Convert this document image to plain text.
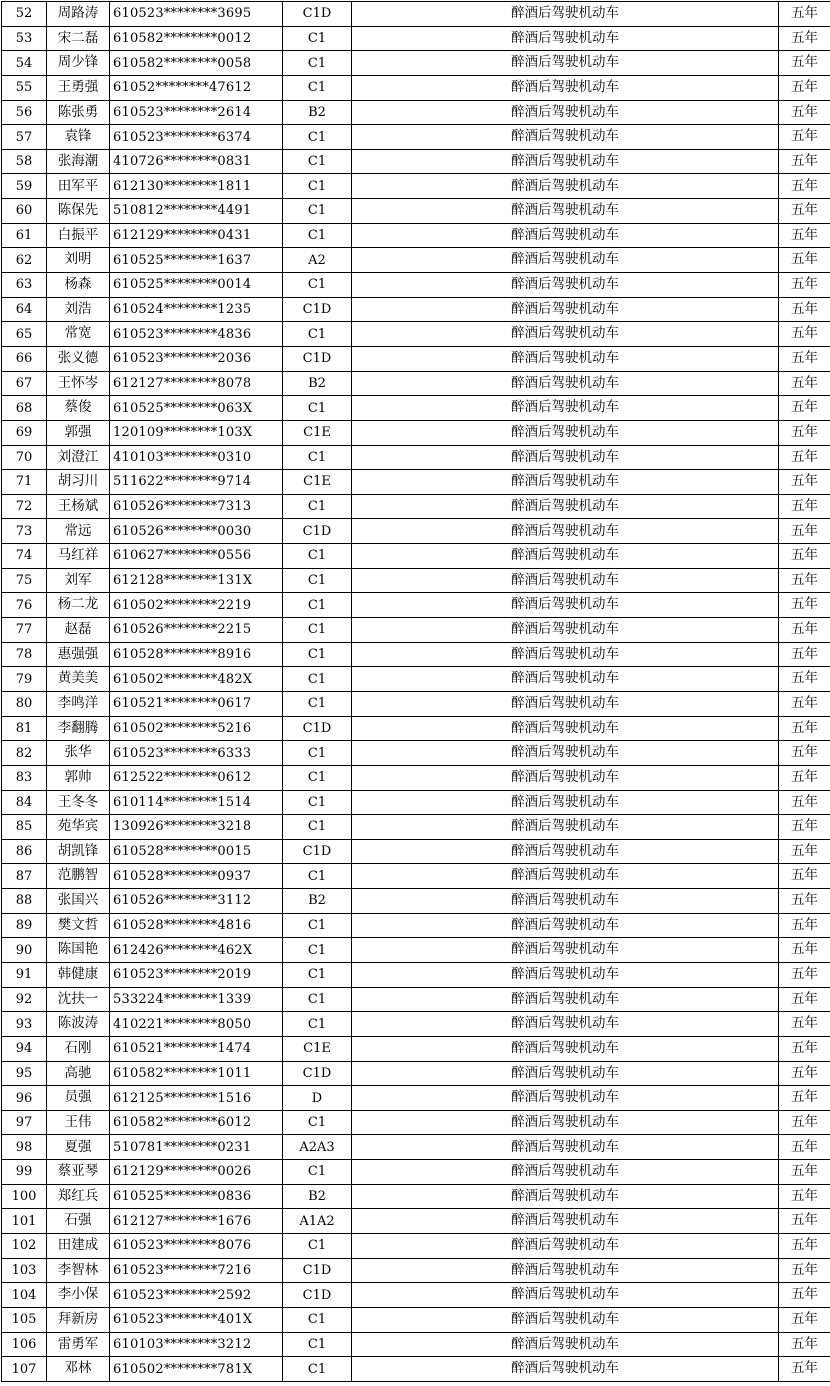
52	周路涛	610523********3695	C1D	醉酒后驾驶机动车	五年
53	宋二磊	610582********0012	C1	醉酒后驾驶机动车	五年
54	周少锋	610582********0058	C1	醉酒后驾驶机动车	五年
55	王勇强	61052********47612	C1	醉酒后驾驶机动车	五年
56	陈张勇	610523********2614	B2	醉酒后驾驶机动车	五年
57	袁锋	610523********6374	C1	醉酒后驾驶机动车	五年
58	张海潮	410726********0831	C1	醉酒后驾驶机动车	五年
59	田军平	612130********1811	C1	醉酒后驾驶机动车	五年
60	陈保先	510812********4491	C1	醉酒后驾驶机动车	五年
61	白振平	612129********0431	C1	醉酒后驾驶机动车	五年
62	刘明	610525********1637	A2	醉酒后驾驶机动车	五年
63	杨森	610525********0014	C1	醉酒后驾驶机动车	五年
64	刘浩	610524********1235	C1D	醉酒后驾驶机动车	五年
65	常宽	610523********4836	C1	醉酒后驾驶机动车	五年
66	张义德	610523********2036	C1D	醉酒后驾驶机动车	五年
67	王怀岑	612127********8078	B2	醉酒后驾驶机动车	五年
68	蔡俊	610525********063X	C1	醉酒后驾驶机动车	五年
69	郭强	120109********103X	C1E	醉酒后驾驶机动车	五年
70	刘澄江	410103********0310	C1	醉酒后驾驶机动车	五年
71	胡习川	511622********9714	C1E	醉酒后驾驶机动车	五年
72	王杨斌	610526********7313	C1	醉酒后驾驶机动车	五年
73	常远	610526********0030	C1D	醉酒后驾驶机动车	五年
74	马红祥	610627********0556	C1	醉酒后驾驶机动车	五年
75	刘军	612128********131X	C1	醉酒后驾驶机动车	五年
76	杨二龙	610502********2219	C1	醉酒后驾驶机动车	五年
77	赵磊	610526********2215	C1	醉酒后驾驶机动车	五年
78	惠强强	610528********8916	C1	醉酒后驾驶机动车	五年
79	黄美美	610502********482X	C1	醉酒后驾驶机动车	五年
80	李鸣洋	610521********0617	C1	醉酒后驾驶机动车	五年
81	李翻腾	610502********5216	C1D	醉酒后驾驶机动车	五年
82	张华	610523********6333	C1	醉酒后驾驶机动车	五年
83	郭帅	612522********0612	C1	醉酒后驾驶机动车	五年
84	王冬冬	610114********1514	C1	醉酒后驾驶机动车	五年
85	苑华宾	130926********3218	C1	醉酒后驾驶机动车	五年
86	胡凯锋	610528********0015	C1D	醉酒后驾驶机动车	五年
87	范鹏智	610528********0937	C1	醉酒后驾驶机动车	五年
88	张国兴	610526********3112	B2	醉酒后驾驶机动车	五年
89	樊文哲	610528********4816	C1	醉酒后驾驶机动车	五年
90	陈国艳	612426********462X	C1	醉酒后驾驶机动车	五年
91	韩健康	610523********2019	C1	醉酒后驾驶机动车	五年
92	沈扶一	533224********1339	C1	醉酒后驾驶机动车	五年
93	陈波涛	410221********8050	C1	醉酒后驾驶机动车	五年
94	石刚	610521********1474	C1E	醉酒后驾驶机动车	五年
95	高驰	610582********1011	C1D	醉酒后驾驶机动车	五年
96	员强	612125********1516	D	醉酒后驾驶机动车	五年
97	王伟	610582********6012	C1	醉酒后驾驶机动车	五年
98	夏强	510781********0231	A2A3	醉酒后驾驶机动车	五年
99	蔡亚琴	612129********0026	C1	醉酒后驾驶机动车	五年
100	郑红兵	610525********0836	B2	醉酒后驾驶机动车	五年
101	石强	612127********1676	A1A2	醉酒后驾驶机动车	五年
102	田建成	610523********8076	C1	醉酒后驾驶机动车	五年
103	李智林	610523********7216	C1D	醉酒后驾驶机动车	五年
104	李小保	610523********2592	C1D	醉酒后驾驶机动车	五年
105	拜新房	610523********401X	C1	醉酒后驾驶机动车	五年
106	雷勇军	610103********3212	C1	醉酒后驾驶机动车	五年
107	邓林	610502********781X	C1	醉酒后驾驶机动车	五年
